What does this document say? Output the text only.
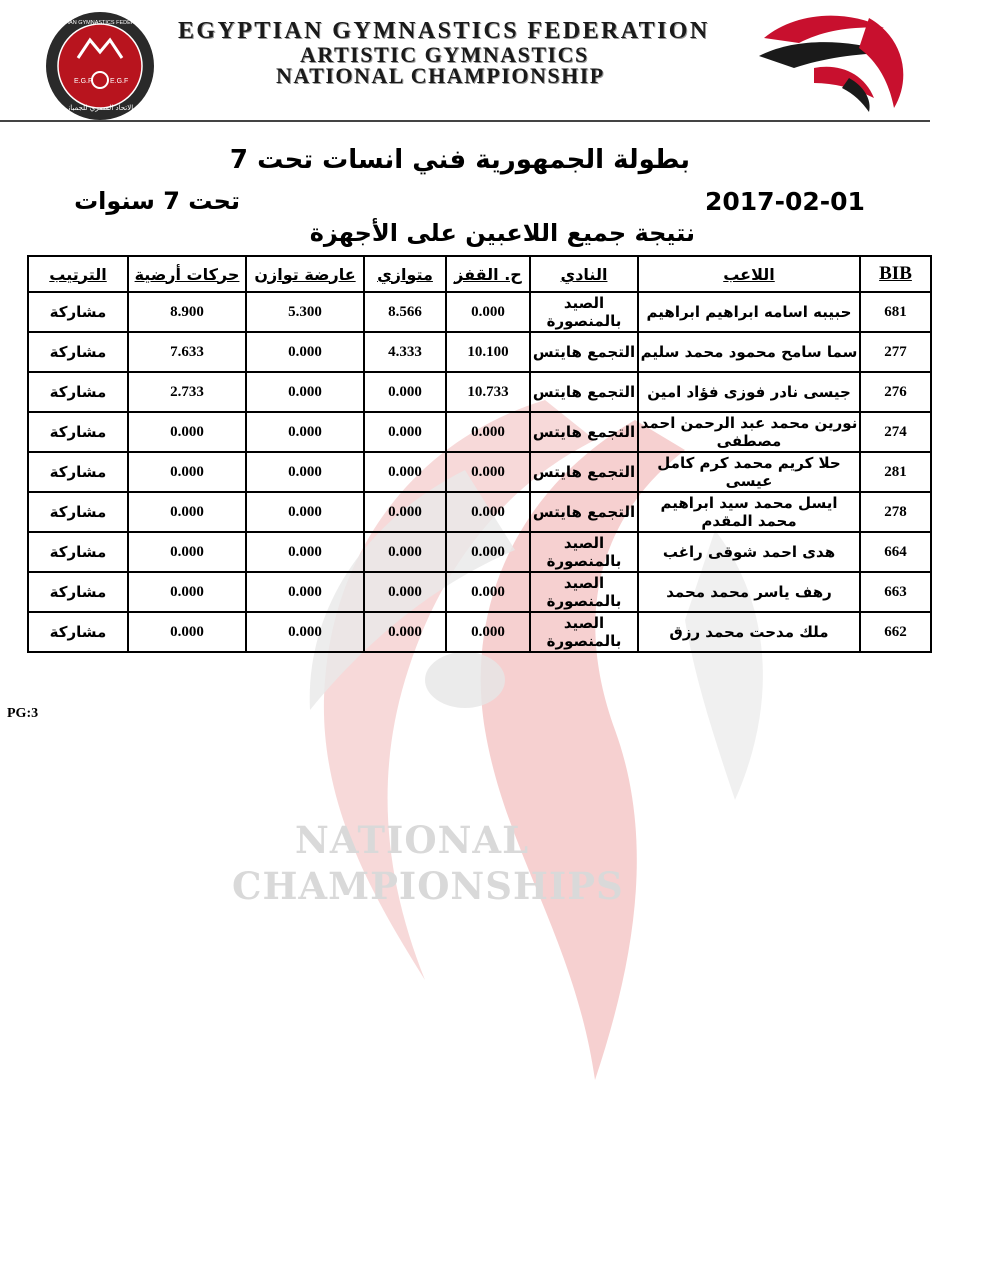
NATIONAL
CHAMPIONSHIPS
E.G.F	E.G.F
الاتحاد المصري للجمباز
EGYPTIAN GYMNASTICS FEDERATION EGYPTIAN GYMNASTICS FEDERATION
ARTISTIC GYMNASTICS
NATIONAL CHAMPIONSHIP
بطولة الجمهورية فني انسات تحت 7
2017-02-01
تحت 7 سنوات
نتيجة جميع اللاعبين على الأجهزة
الترتيب	حركات أرضية	عارضة توازن	متوازي	ح. القفز	النادي	اللاعب	BIB
مشاركة	8.900	5.300	8.566	0.000	الصيد بالمنصورة	حبيبه اسامه ابراهيم ابراهيم	681
مشاركة	7.633	0.000	4.333	10.100	التجمع هايتس	سما سامح محمود محمد سليم	277
مشاركة	2.733	0.000	0.000	10.733	التجمع هايتس	جيسى نادر فوزى فؤاد امين	276
مشاركة	0.000	0.000	0.000	0.000	التجمع هايتس	نورين محمد عبد الرحمن احمد مصطفى	274
مشاركة	0.000	0.000	0.000	0.000	التجمع هايتس	حلا كريم محمد كرم كامل عيسى	281
مشاركة	0.000	0.000	0.000	0.000	التجمع هايتس	ايسل محمد سيد ابراهيم محمد المقدم	278
مشاركة	0.000	0.000	0.000	0.000	الصيد بالمنصورة	هدى احمد شوقى راغب	664
مشاركة	0.000	0.000	0.000	0.000	الصيد بالمنصورة	رهف ياسر محمد محمد	663
مشاركة	0.000	0.000	0.000	0.000	الصيد بالمنصورة	ملك مدحت محمد رزق	662
PG:3
